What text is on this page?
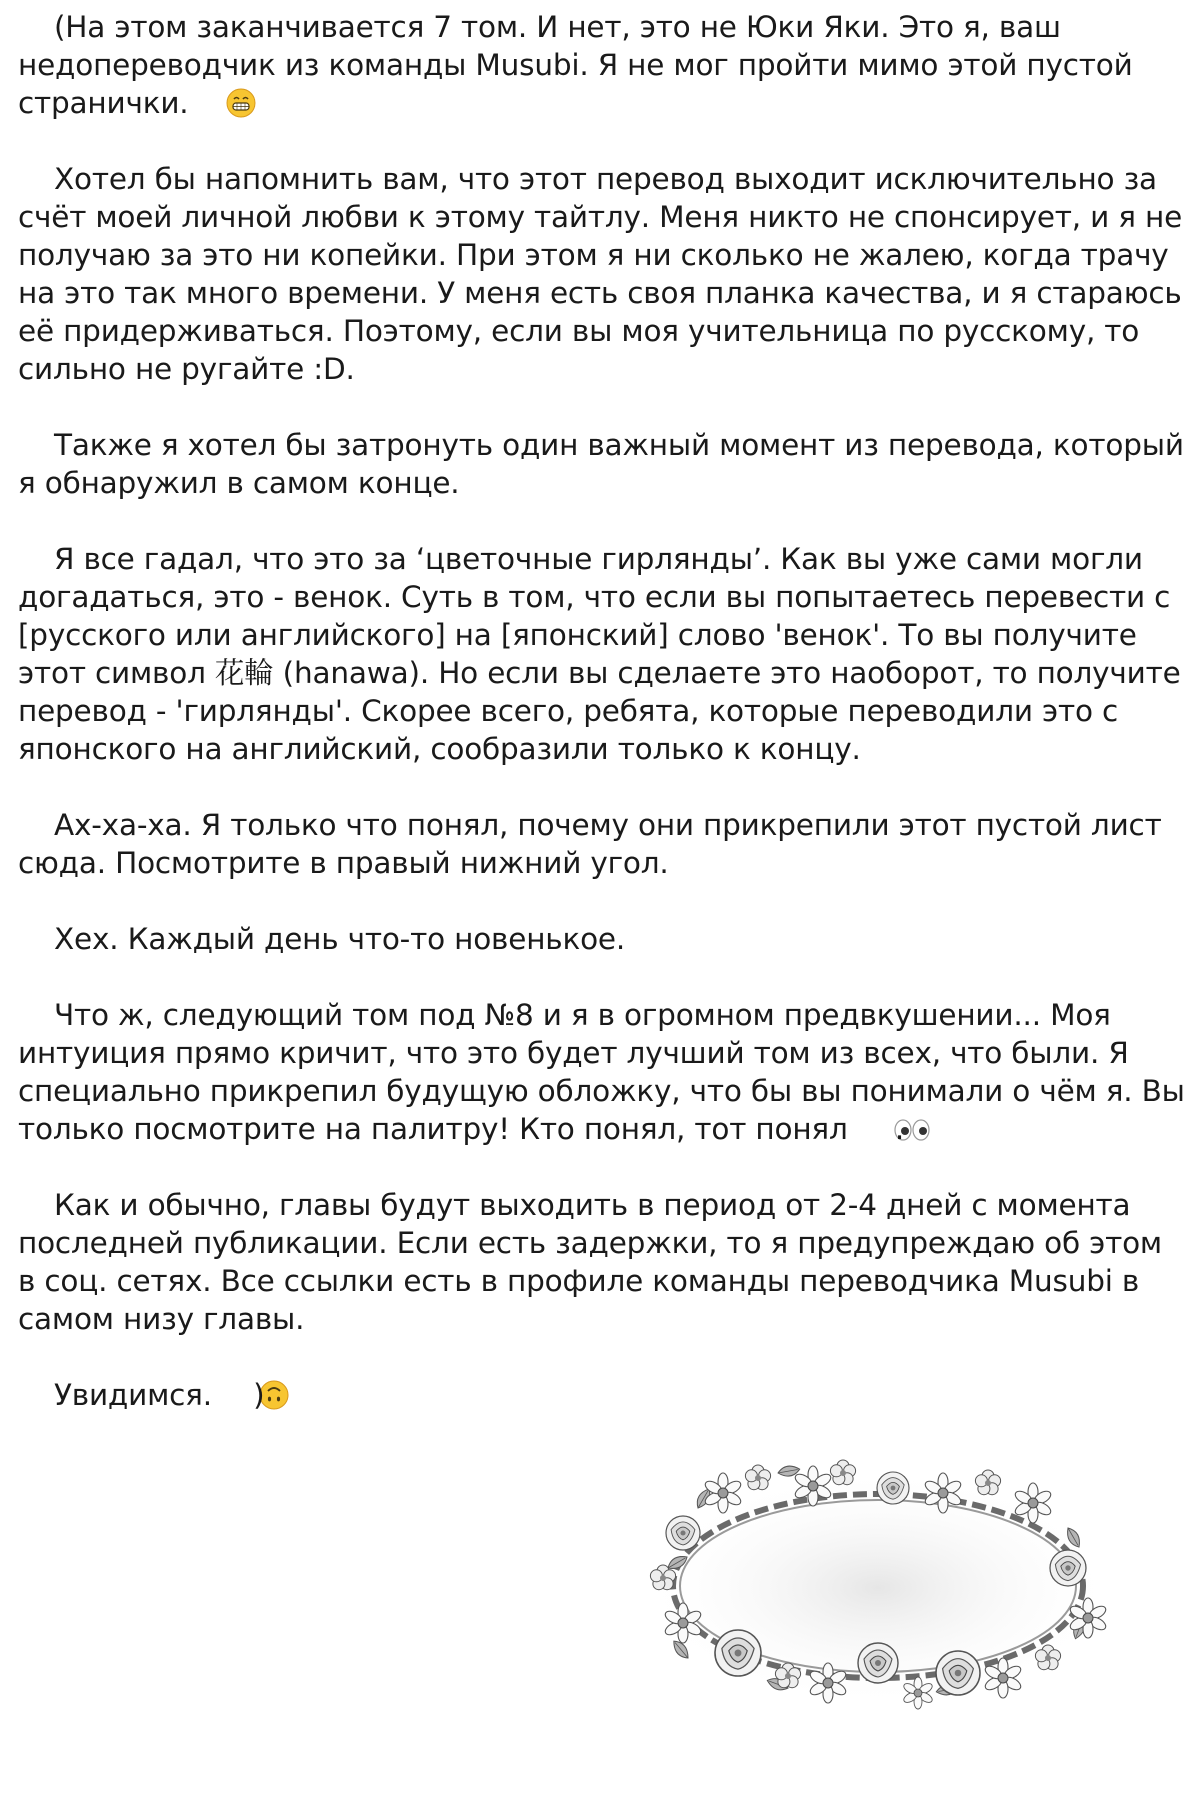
(На этом заканчивается 7 том. И нет, это не Юки Яки. Это я, ваш недопереводчик из команды Musubi. Я не мог пройти мимо этой пустой странички.

Хотел бы напомнить вам, что этот перевод выходит исключительно за счёт моей личной любви к этому тайтлу. Меня никто не спонсирует, и я не получаю за это ни копейки. При этом я ни сколько не жалею, когда трачу на это так много времени. У меня есть своя планка качества, и я стараюсь её придерживаться. Поэтому, если вы моя учительница по русскому, то сильно не ругайте :D.

Также я хотел бы затронуть один важный момент из перевода, который я обнаружил в самом конце.

Я все гадал, что это за ‘цветочные гирлянды’. Как вы уже сами могли догадаться, это - венок. Суть в том, что если вы попытаетесь перевести с [русского или английского] на [японский] слово 'венок'. То вы получите этот символ 花輪 (hanawa). Но если вы сделаете это наоборот, то получите перевод - 'гирлянды'. Скорее всего, ребята, которые переводили это с японского на английский, сообразили только к концу.

Ах-ха-ха. Я только что понял, почему они прикрепили этот пустой лист сюда. Посмотрите в правый нижний угол.

Хех. Каждый день что-то новенькое.

Что ж, следующий том под №8 и я в огромном предвкушении... Моя интуиция прямо кричит, что это будет лучший том из всех, что были. Я специально прикрепил будущую обложку, что бы вы понимали о чём я. Вы только посмотрите на палитру! Кто понял, тот понял .

Как и обычно, главы будут выходить в период от 2-4 дней с момента последней публикации. Если есть задержки, то я предупреждаю об этом в соц. сетях. Все ссылки есть в профиле команды переводчика Musubi в самом низу главы.

Увидимся. )
